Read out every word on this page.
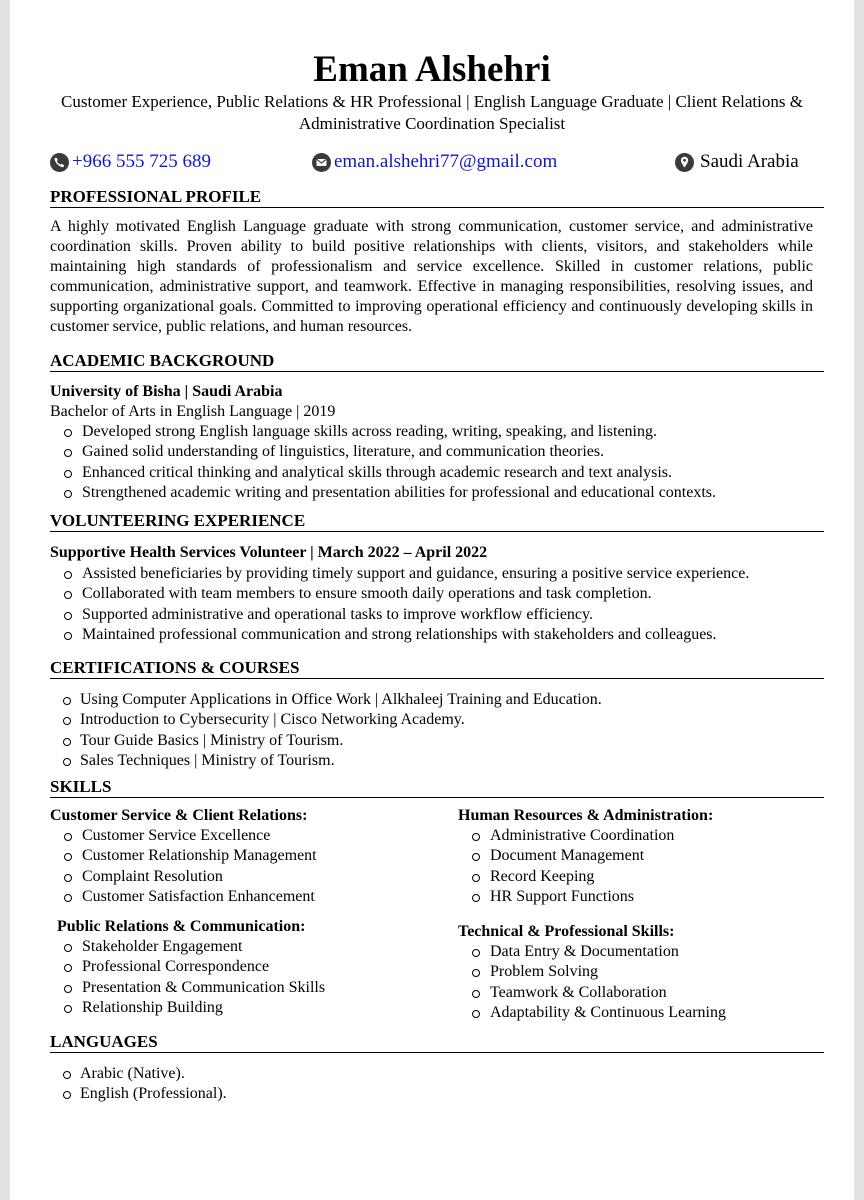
Eman Alshehri
Customer Experience, Public Relations & HR Professional | English Language Graduate | Client Relations & Administrative Coordination Specialist
+966 555 725 689	eman.alshehri77@gmail.com	Saudi Arabia
PROFESSIONAL PROFILE
A highly motivated English Language graduate with strong communication, customer service, and administrative coordination skills. Proven ability to build positive relationships with clients, visitors, and stakeholders while maintaining high standards of professionalism and service excellence. Skilled in customer relations, public communication, administrative support, and teamwork. Effective in managing responsibilities, resolving issues, and supporting organizational goals. Committed to improving operational efficiency and continuously developing skills in customer service, public relations, and human resources.
ACADEMIC BACKGROUND
University of Bisha | Saudi Arabia
Bachelor of Arts in English Language | 2019
Developed strong English language skills across reading, writing, speaking, and listening.
Gained solid understanding of linguistics, literature, and communication theories.
Enhanced critical thinking and analytical skills through academic research and text analysis.
Strengthened academic writing and presentation abilities for professional and educational contexts.
VOLUNTEERING EXPERIENCE
Supportive Health Services Volunteer | March 2022 – April 2022
Assisted beneficiaries by providing timely support and guidance, ensuring a positive service experience.
Collaborated with team members to ensure smooth daily operations and task completion.
Supported administrative and operational tasks to improve workflow efficiency.
Maintained professional communication and strong relationships with stakeholders and colleagues.
CERTIFICATIONS & COURSES
Using Computer Applications in Office Work | Alkhaleej Training and Education.
Introduction to Cybersecurity | Cisco Networking Academy.
Tour Guide Basics | Ministry of Tourism.
Sales Techniques | Ministry of Tourism.
SKILLS
Customer Service & Client Relations:
Customer Service Excellence
Customer Relationship Management
Complaint Resolution
Customer Satisfaction Enhancement
Human Resources & Administration:
Administrative Coordination
Document Management
Record Keeping
HR Support Functions
Public Relations & Communication:
Stakeholder Engagement
Professional Correspondence
Presentation & Communication Skills
Relationship Building
Technical & Professional Skills:
Data Entry & Documentation
Problem Solving
Teamwork & Collaboration
Adaptability & Continuous Learning
LANGUAGES
Arabic (Native).
English (Professional).
